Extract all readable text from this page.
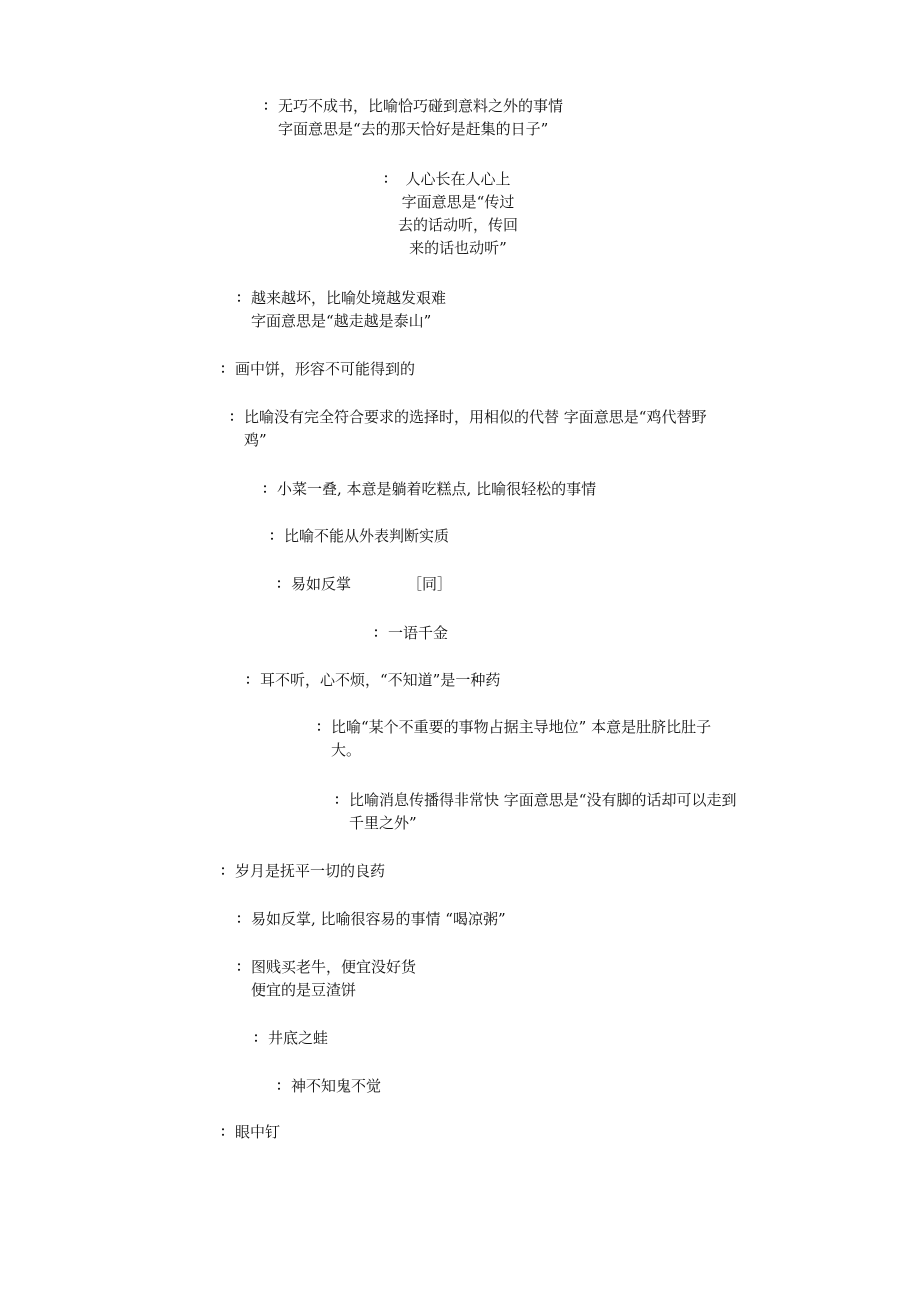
： 无巧不成书，比喻恰巧碰到意料之外的事情
字面意思是“去的那天恰好是赶集的日子”
： 人心长在人心上
字面意思是“传过
去的话动听，传回
来的话也动听”
： 越来越坏，比喻处境越发艰难
字面意思是“越走越是泰山”
： 画中饼，形容不可能得到的
： 比喻没有完全符合要求的选择时，用相似的代替 字面意思是“鸡代替野
鸡”
： 小菜一叠, 本意是躺着吃糕点, 比喻很轻松的事情
： 比喻不能从外表判断实质
： 易如反掌	［同］
： 一语千金
： 耳不听，心不烦，“不知道”是一种药
： 比喻“某个不重要的事物占据主导地位” 本意是肚脐比肚子
大。
： 比喻消息传播得非常快 字面意思是“没有脚的话却可以走到
千里之外”
： 岁月是抚平一切的良药
： 易如反掌, 比喻很容易的事情 “喝凉粥”
： 图贱买老牛，便宜没好货
便宜的是豆渣饼
： 井底之蛙
： 神不知鬼不觉
： 眼中钉
